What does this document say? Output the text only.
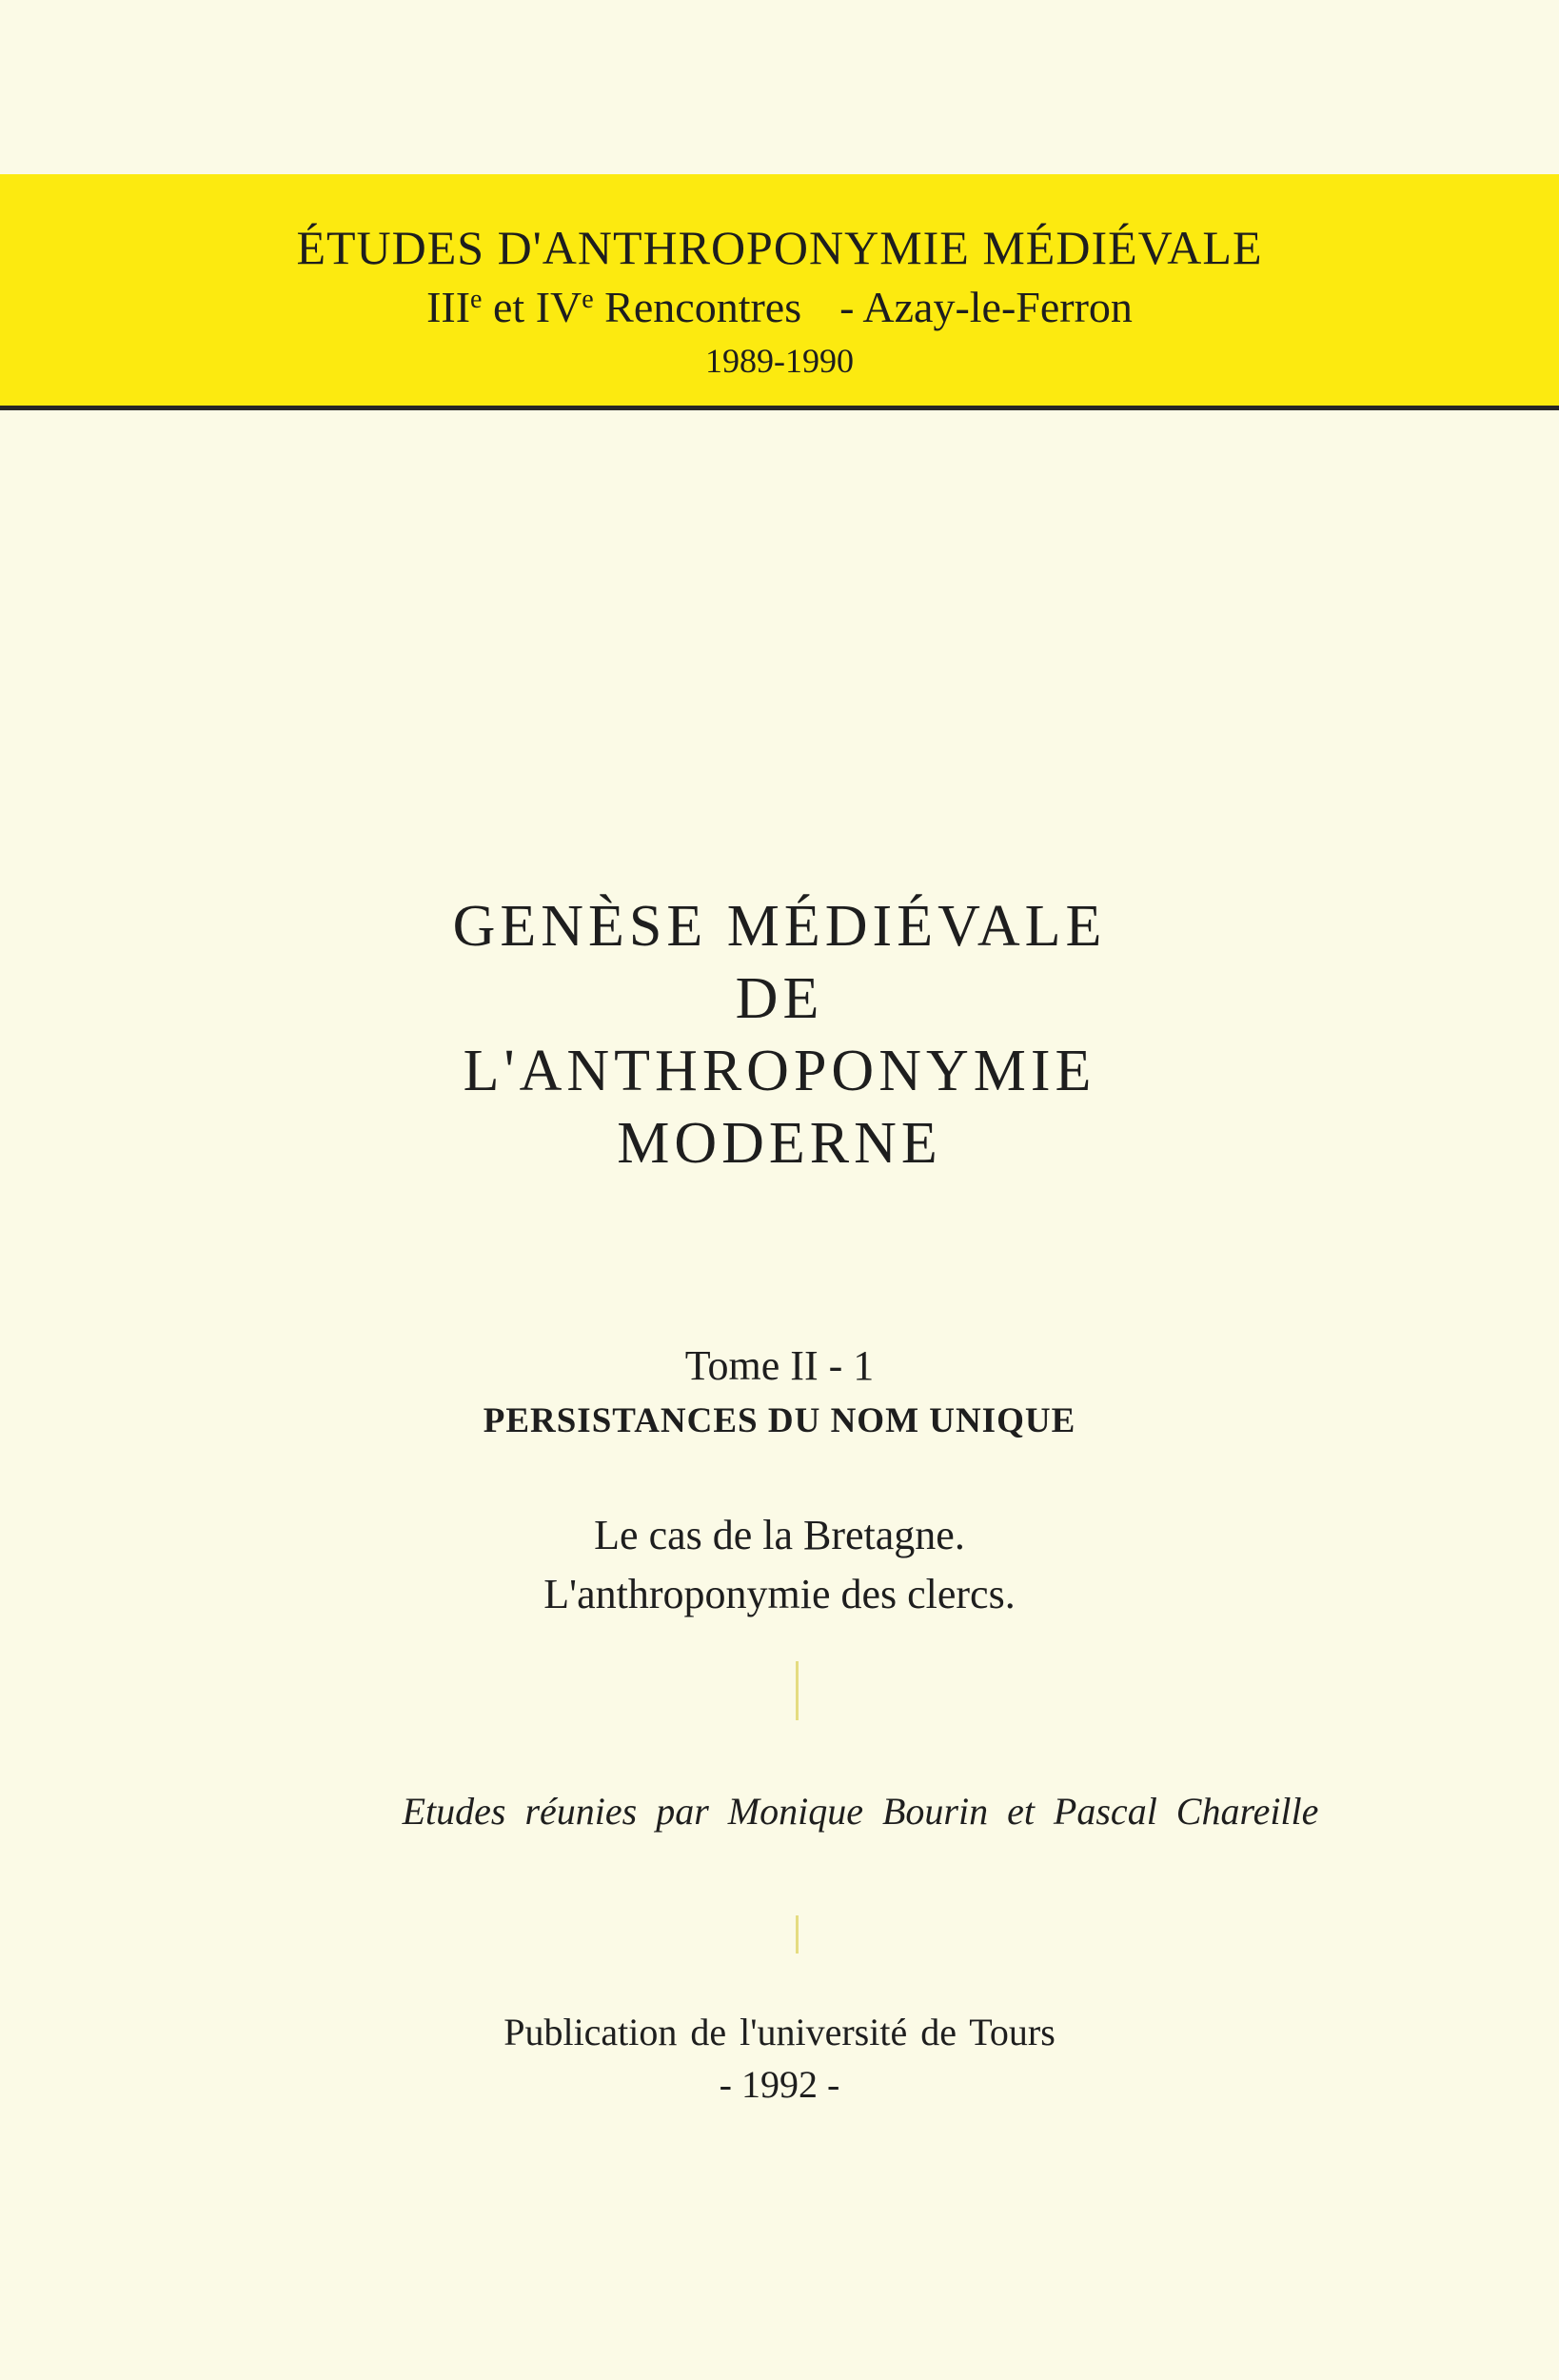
ÉTUDES D'ANTHROPONYMIE MÉDIÉVALE
IIIe et IVe Rencontres - Azay-le-Ferron
1989-1990
GENÈSE MÉDIÉVALE
DE
L'ANTHROPONYMIE
MODERNE
Tome II - 1
PERSISTANCES DU NOM UNIQUE
Le cas de la Bretagne.
L'anthroponymie des clercs.
Etudes réunies par Monique Bourin et Pascal Chareille
Publication de l'université de Tours
- 1992 -
